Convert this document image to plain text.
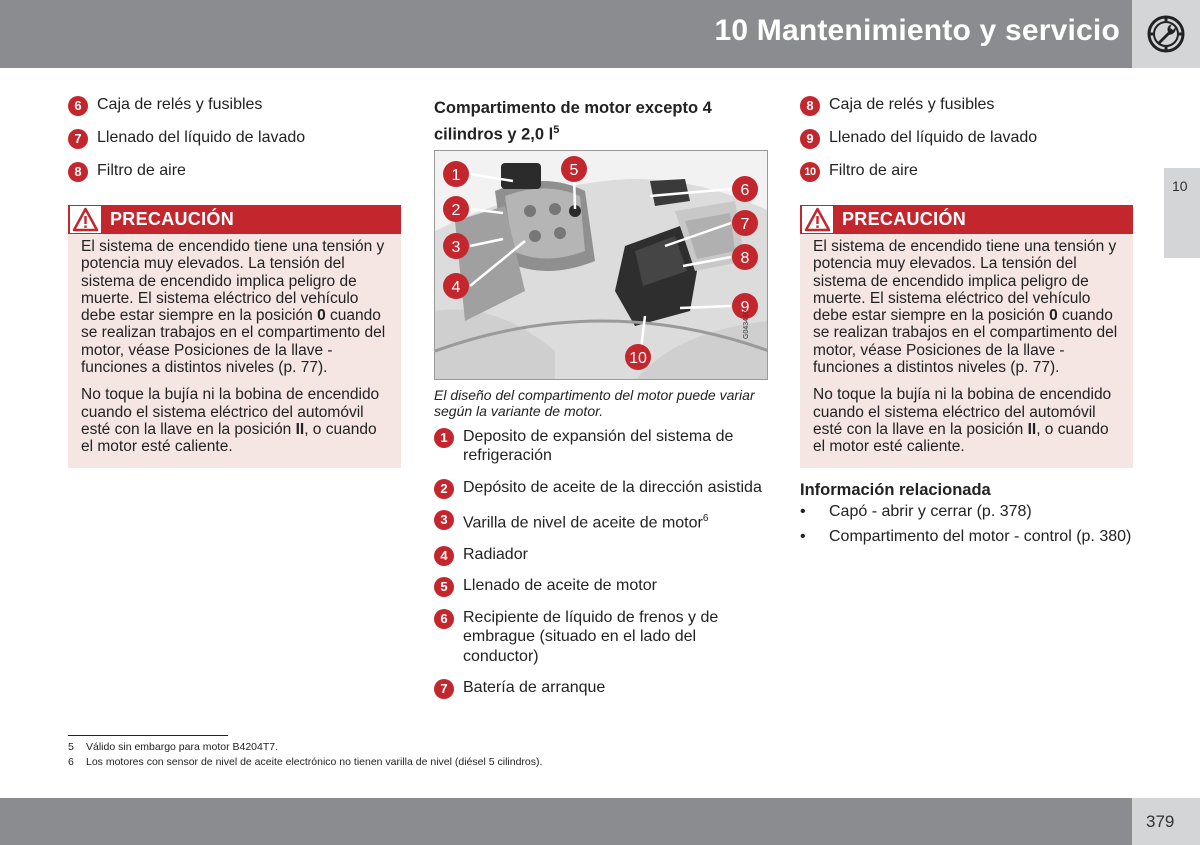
10 Mantenimiento y servicio
10
6 Caja de relés y fusibles
7 Llenado del líquido de lavado
8 Filtro de aire
PRECAUCIÓN

El sistema de encendido tiene una tensión y potencia muy elevados. La tensión del sistema de encendido implica peligro de muerte. El sistema eléctrico del vehículo debe estar siempre en la posición 0 cuando se realizan trabajos en el compartimento del motor, véase Posiciones de la llave - funciones a distintos niveles (p. 77).

No toque la bujía ni la bobina de encendido cuando el sistema eléctrico del automóvil esté con la llave en la posición II, o cuando el motor esté caliente.

Compartimento de motor excepto 4 cilindros y 2,0 $l^5$
1
2
3
4
5
6
7
8
9
10
G043410
El diseño del compartimento del motor puede variar según la variante de motor.
1 Deposito de expansión del sistema de refrigeración
2 Depósito de aceite de la dirección asistida
3 Varilla de nivel de aceite de motor$^6$
4 Radiador
5 Llenado de aceite de motor
6 Recipiente de líquido de frenos y de embrague (situado en el lado del conductor)
7 Batería de arranque
8 Caja de relés y fusibles
9 Llenado del líquido de lavado
10 Filtro de aire
PRECAUCIÓN

El sistema de encendido tiene una tensión y potencia muy elevados. La tensión del sistema de encendido implica peligro de muerte. El sistema eléctrico del vehículo debe estar siempre en la posición 0 cuando se realizan trabajos en el compartimento del motor, véase Posiciones de la llave - funciones a distintos niveles (p. 77).

No toque la bujía ni la bobina de encendido cuando el sistema eléctrico del automóvil esté con la llave en la posición II, o cuando el motor esté caliente.

Información relacionada
• Capó - abrir y cerrar (p. 378)
• Compartimento del motor - control (p. 380)
5 Válido sin embargo para motor B4204T7.
6 Los motores con sensor de nivel de aceite electrónico no tienen varilla de nivel (diésel 5 cilindros).
379
